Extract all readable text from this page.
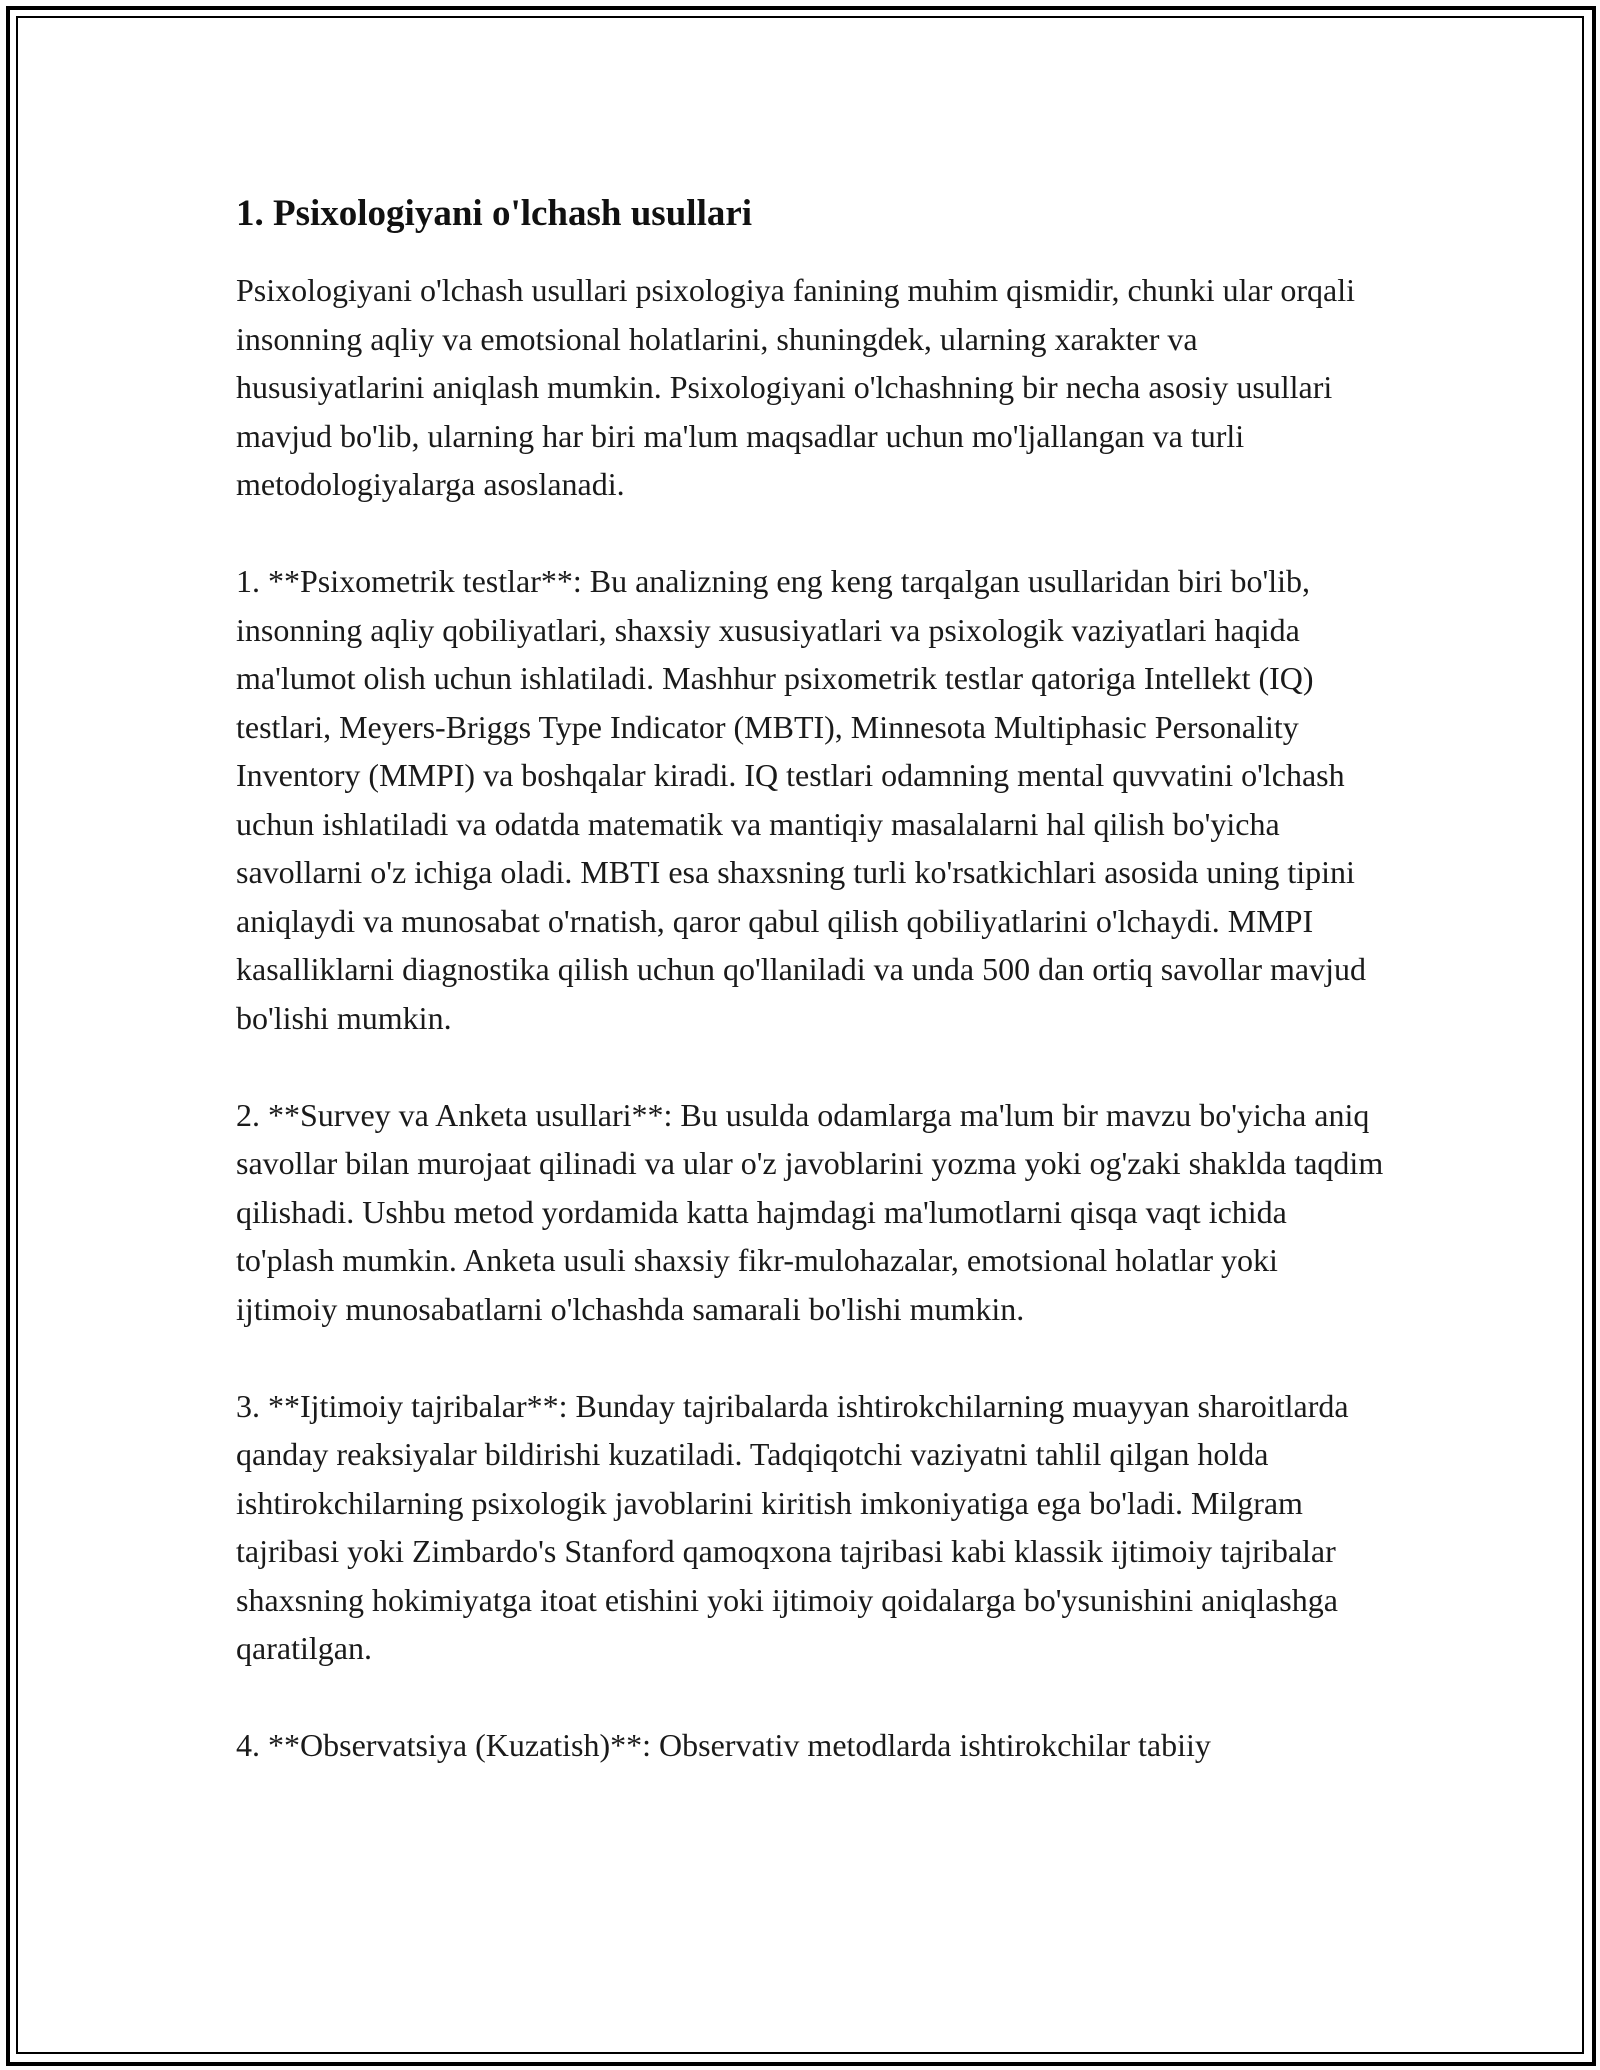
1. Psixologiyani o'lchash usullari

Psixologiyani o'lchash usullari psixologiya fanining muhim qismidir, chunki ular orqali insonning aqliy va emotsional holatlarini, shuningdek, ularning xarakter va hususiyatlarini aniqlash mumkin. Psixologiyani o'lchashning bir necha asosiy usullari mavjud bo'lib, ularning har biri ma'lum maqsadlar uchun mo'ljallangan va turli metodologiyalarga asoslanadi.

1. **Psixometrik testlar**: Bu analizning eng keng tarqalgan usullaridan biri bo'lib, insonning aqliy qobiliyatlari, shaxsiy xususiyatlari va psixologik vaziyatlari haqida ma'lumot olish uchun ishlatiladi. Mashhur psixometrik testlar qatoriga Intellekt (IQ) testlari, Meyers-Briggs Type Indicator (MBTI), Minnesota Multiphasic Personality Inventory (MMPI) va boshqalar kiradi. IQ testlari odamning mental quvvatini o'lchash uchun ishlatiladi va odatda matematik va mantiqiy masalalarni hal qilish bo'yicha savollarni o'z ichiga oladi. MBTI esa shaxsning turli ko'rsatkichlari asosida uning tipini aniqlaydi va munosabat o'rnatish, qaror qabul qilish qobiliyatlarini o'lchaydi. MMPI kasalliklarni diagnostika qilish uchun qo'llaniladi va unda 500 dan ortiq savollar mavjud bo'lishi mumkin.

2. **Survey va Anketa usullari**: Bu usulda odamlarga ma'lum bir mavzu bo'yicha aniq savollar bilan murojaat qilinadi va ular o'z javoblarini yozma yoki og'zaki shaklda taqdim qilishadi. Ushbu metod yordamida katta hajmdagi ma'lumotlarni qisqa vaqt ichida to'plash mumkin. Anketa usuli shaxsiy fikr-mulohazalar, emotsional holatlar yoki ijtimoiy munosabatlarni o'lchashda samarali bo'lishi mumkin.

3. **Ijtimoiy tajribalar**: Bunday tajribalarda ishtirokchilarning muayyan sharoitlarda qanday reaksiyalar bildirishi kuzatiladi. Tadqiqotchi vaziyatni tahlil qilgan holda ishtirokchilarning psixologik javoblarini kiritish imkoniyatiga ega bo'ladi. Milgram tajribasi yoki Zimbardo's Stanford qamoqxona tajribasi kabi klassik ijtimoiy tajribalar shaxsning hokimiyatga itoat etishini yoki ijtimoiy qoidalarga bo'ysunishini aniqlashga qaratilgan.

4. **Observatsiya (Kuzatish)**: Observativ metodlarda ishtirokchilar tabiiy
